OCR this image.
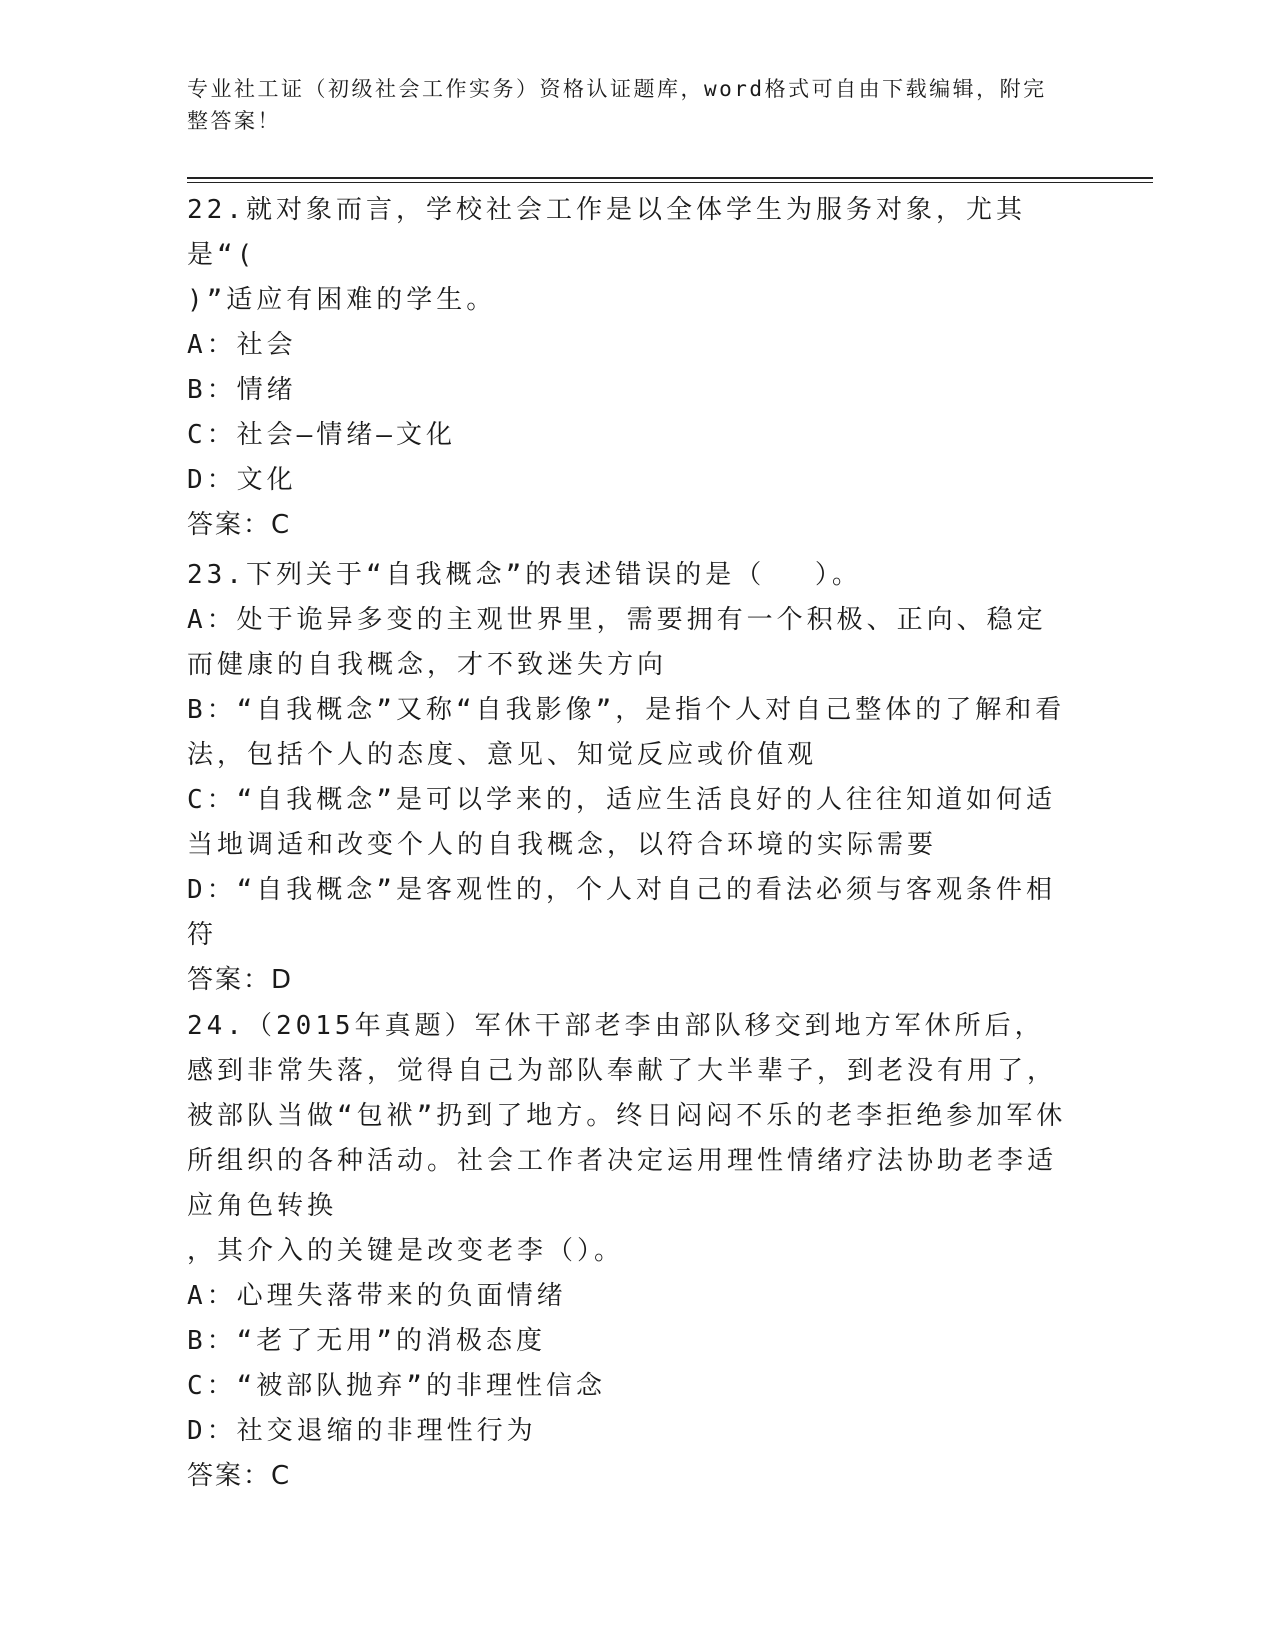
专业社工证（初级社会工作实务）资格认证题库，word格式可自由下载编辑，附完整答案！

22.就对象而言，学校社会工作是以全体学生为服务对象，尤其是“(

)”适应有困难的学生。

A：社会

B：情绪

C：社会—情绪—文化

D：文化

答案：C

23.下列关于“自我概念”的表述错误的是（　 ）。

A：处于诡异多变的主观世界里，需要拥有一个积极、正向、稳定而健康的自我概念，才不致迷失方向

B：“自我概念”又称“自我影像”，是指个人对自己整体的了解和看法，包括个人的态度、意见、知觉反应或价值观

C：“自我概念”是可以学来的，适应生活良好的人往往知道如何适当地调适和改变个人的自我概念，以符合环境的实际需要

D：“自我概念”是客观性的，个人对自己的看法必须与客观条件相符

答案：D

24.（2015年真题）军休干部老李由部队移交到地方军休所后，感到非常失落，觉得自己为部队奉献了大半辈子，到老没有用了，被部队当做“包袱”扔到了地方。终日闷闷不乐的老李拒绝参加军休所组织的各种活动。社会工作者决定运用理性情绪疗法协助老李适应角色转换

，其介入的关键是改变老李（）。

A：心理失落带来的负面情绪

B：“老了无用”的消极态度

C：“被部队抛弃”的非理性信念

D：社交退缩的非理性行为

答案：C
